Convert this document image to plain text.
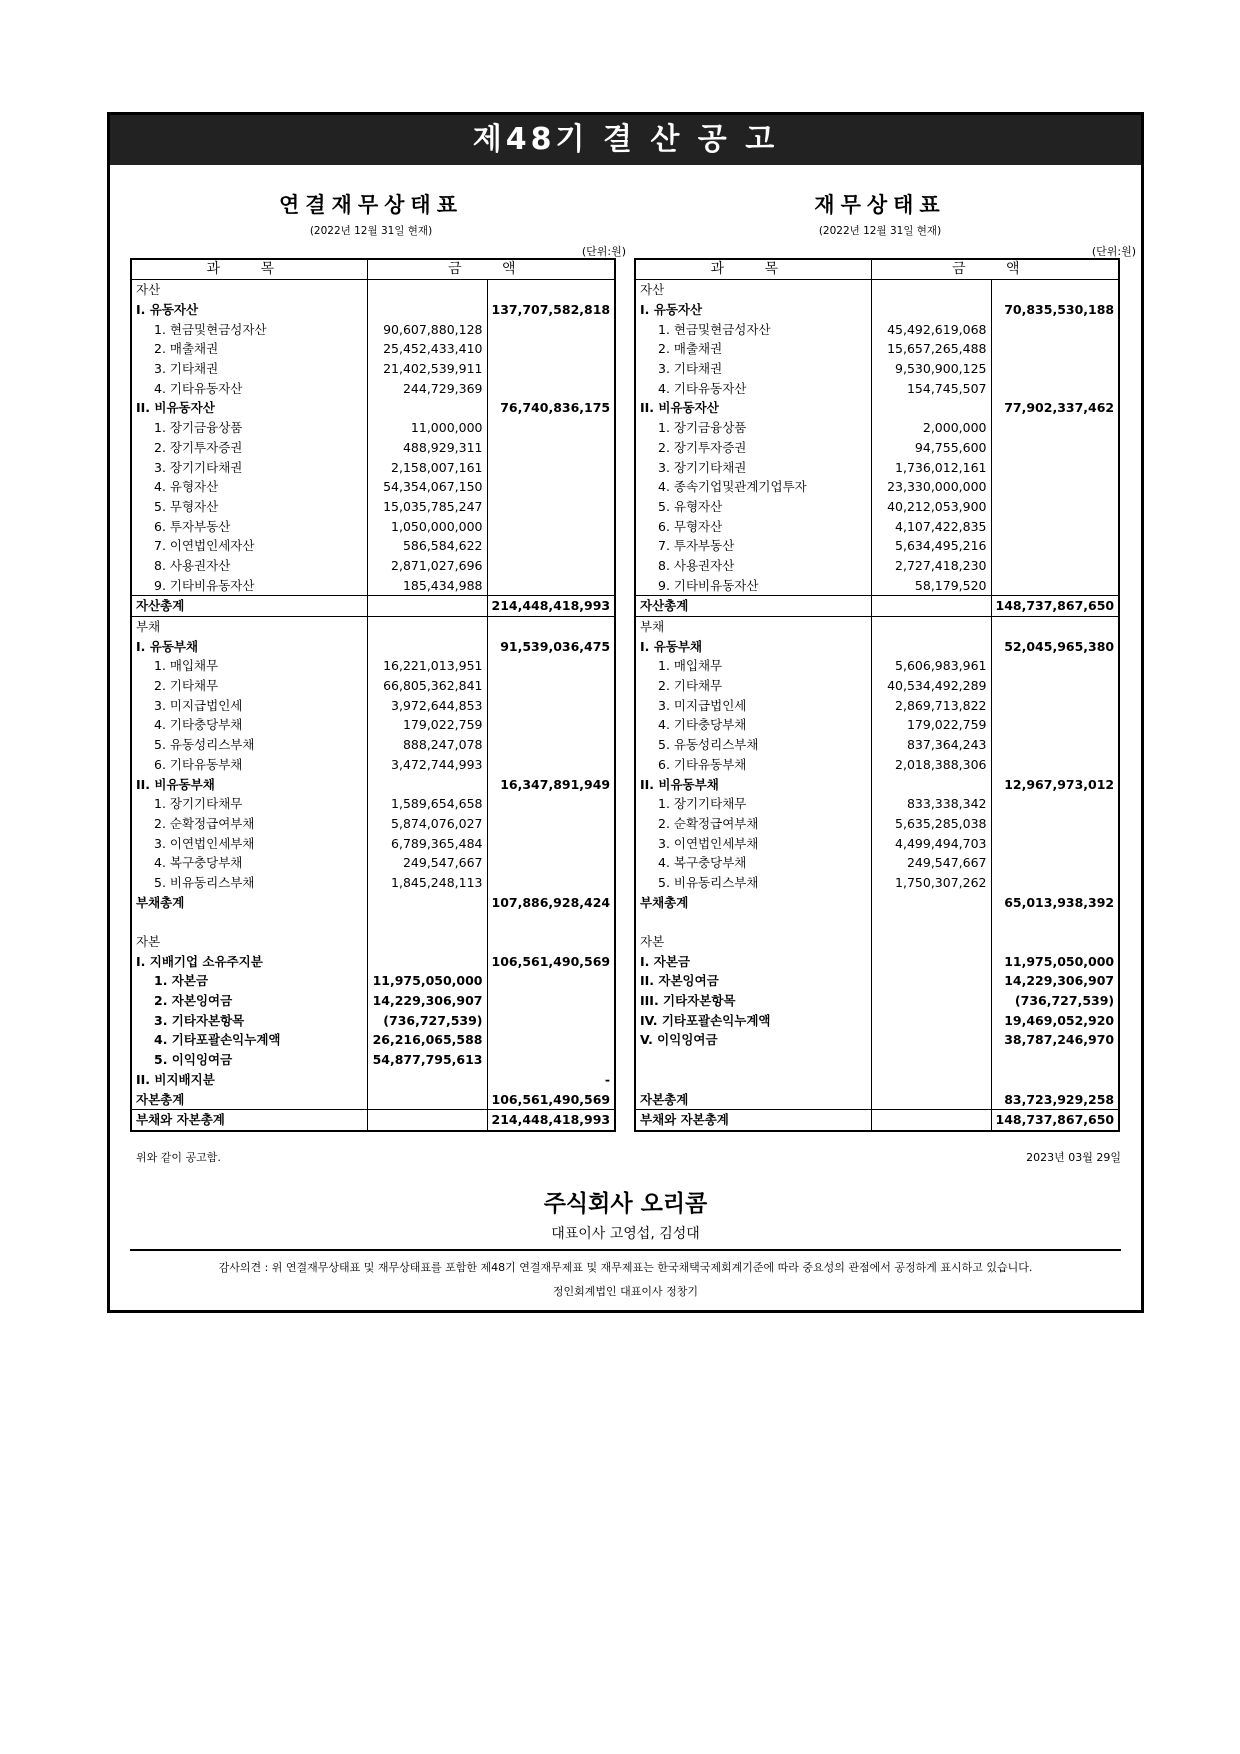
제48기 결 산 공 고
연결재무상태표
(2022년 12월 31일 현재)
(단위:원)
과 목	금 액	
자산		
I. 유동자산		137,707,582,818
1. 현금및현금성자산	90,607,880,128	
2. 매출채권	25,452,433,410	
3. 기타채권	21,402,539,911	
4. 기타유동자산	244,729,369	
II. 비유동자산		76,740,836,175
1. 장기금융상품	11,000,000	
2. 장기투자증권	488,929,311	
3. 장기기타채권	2,158,007,161	
4. 유형자산	54,354,067,150	
5. 무형자산	15,035,785,247	
6. 투자부동산	1,050,000,000	
7. 이연법인세자산	586,584,622	
8. 사용권자산	2,871,027,696	
9. 기타비유동자산	185,434,988	
자산총계		214,448,418,993
부채		
Ⅰ. 유동부채		91,539,036,475
1. 매입채무	16,221,013,951	
2. 기타채무	66,805,362,841	
3. 미지급법인세	3,972,644,853	
4. 기타충당부채	179,022,759	
5. 유동성리스부채	888,247,078	
6. 기타유동부채	3,472,744,993	
II. 비유동부채		16,347,891,949
1. 장기기타채무	1,589,654,658	
2. 순확정급여부채	5,874,076,027	
3. 이연법인세부채	6,789,365,484	
4. 복구충당부채	249,547,667	
5. 비유동리스부채	1,845,248,113	
부채총계		107,886,928,424

자본		
I. 지배기업 소유주지분		106,561,490,569
1. 자본금	11,975,050,000	
2. 자본잉여금	14,229,306,907	
3. 기타자본항목	(736,727,539)	
4. 기타포괄손익누계액	26,216,065,588	
5. 이익잉여금	54,877,795,613	
II. 비지배지분		-
자본총계		106,561,490,569
부채와 자본총계		214,448,418,993
재무상태표
(2022년 12월 31일 현재)
(단위:원)
과 목	금 액	
자산		
I. 유동자산		70,835,530,188
1. 현금및현금성자산	45,492,619,068	
2. 매출채권	15,657,265,488	
3. 기타채권	9,530,900,125	
4. 기타유동자산	154,745,507	
II. 비유동자산		77,902,337,462
1. 장기금융상품	2,000,000	
2. 장기투자증권	94,755,600	
3. 장기기타채권	1,736,012,161	
4. 종속기업및관계기업투자	23,330,000,000	
5. 유형자산	40,212,053,900	
6. 무형자산	4,107,422,835	
7. 투자부동산	5,634,495,216	
8. 사용권자산	2,727,418,230	
9. 기타비유동자산	58,179,520	
자산총계		148,737,867,650
부채		
Ⅰ. 유동부채		52,045,965,380
1. 매입채무	5,606,983,961	
2. 기타채무	40,534,492,289	
3. 미지급법인세	2,869,713,822	
4. 기타충당부채	179,022,759	
5. 유동성리스부채	837,364,243	
6. 기타유동부채	2,018,388,306	
II. 비유동부채		12,967,973,012
1. 장기기타채무	833,338,342	
2. 순확정급여부채	5,635,285,038	
3. 이연법인세부채	4,499,494,703	
4. 복구충당부채	249,547,667	
5. 비유동리스부채	1,750,307,262	
부채총계		65,013,938,392

자본		
I. 자본금		11,975,050,000
II. 자본잉여금		14,229,306,907
III. 기타자본항목		(736,727,539)
IV. 기타포괄손익누계액		19,469,052,920
V. 이익잉여금		38,787,246,970

자본총계		83,723,929,258
부채와 자본총계		148,737,867,650
위와 같이 공고함.	2023년 03월 29일
주식회사 오리콤
대표이사 고영섭, 김성대
감사의견 : 위 연결재무상태표 및 재무상태표를 포함한 제48기 연결재무제표 및 재무제표는 한국채택국제회계기준에 따라 중요성의 관점에서 공정하게 표시하고 있습니다.
정인회계법인 대표이사 정창기
